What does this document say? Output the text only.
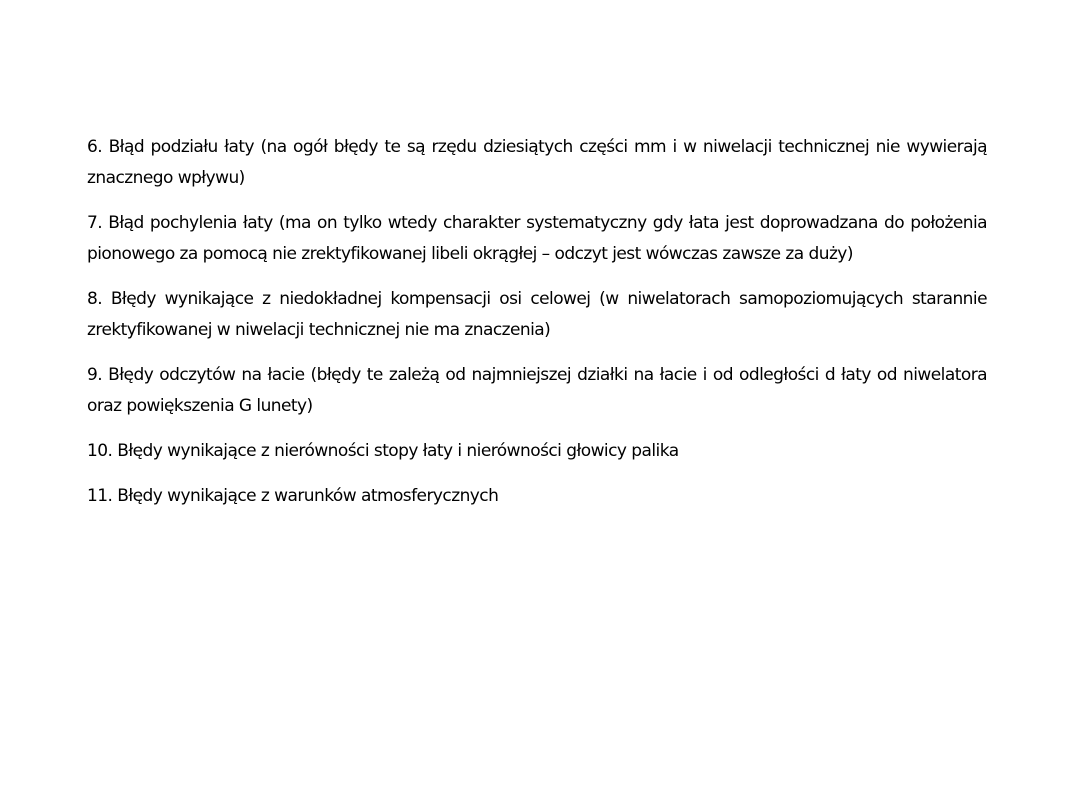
6. Błąd podziału łaty (na ogół błędy te są rzędu dziesiątych części mm i w niwelacji technicznej nie wywierają znacznego wpływu)

7. Błąd pochylenia łaty (ma on tylko wtedy charakter systematyczny gdy łata jest doprowadzana do położenia pionowego za pomocą nie zrektyfikowanej libeli okrągłej – odczyt jest wówczas zawsze za duży)

8. Błędy wynikające z niedokładnej kompensacji osi celowej (w niwelatorach samopoziomujących starannie zrektyfikowanej w niwelacji technicznej nie ma znaczenia)

9. Błędy odczytów na łacie (błędy te zależą od najmniejszej działki na łacie i od odległości d łaty od niwelatora oraz powiększenia G lunety)

10. Błędy wynikające z nierówności stopy łaty i nierówności głowicy palika

11. Błędy wynikające z warunków atmosferycznych
